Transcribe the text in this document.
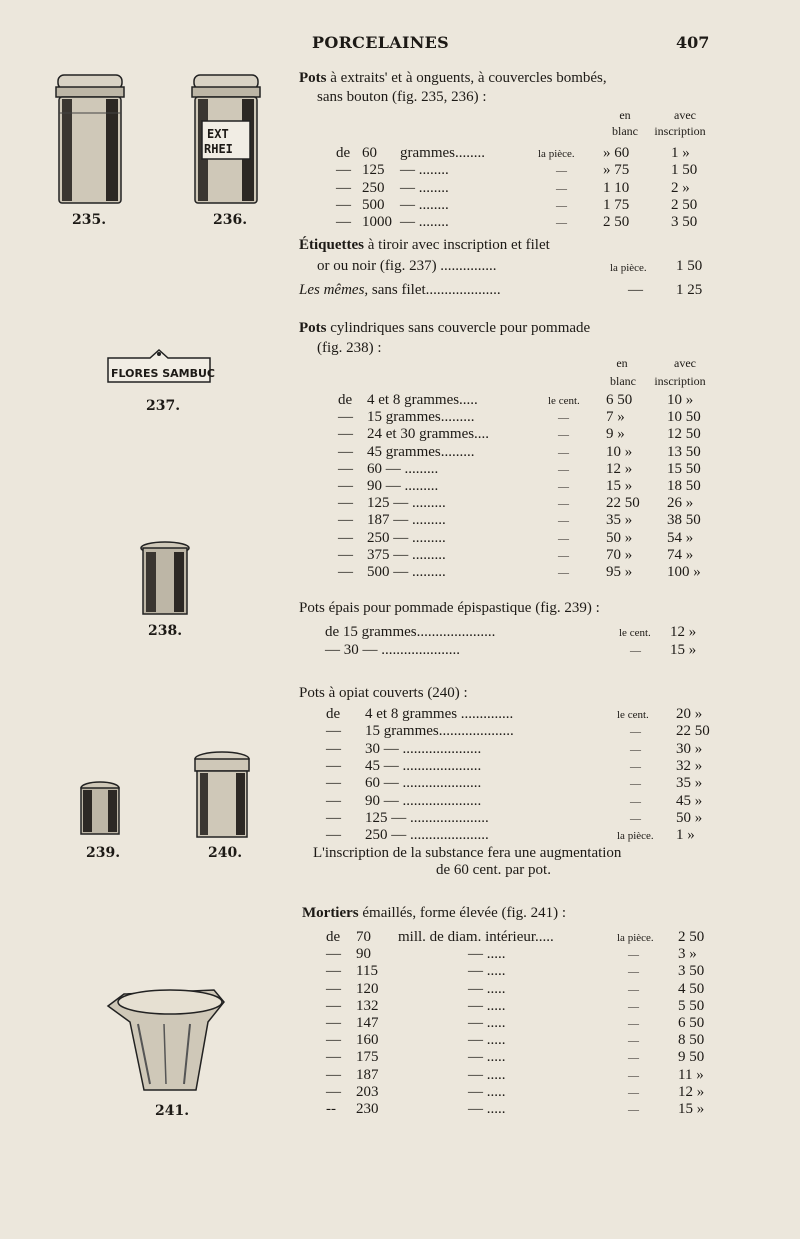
PORCELAINES	407
235.
EXT
RHEI
236.
FLORES SAMBUC
237.
238.
239.	240.
241.
Pots à extraits' et à onguents, à couvercles bombés,
sans bouton (fig. 235, 236) :
en
blanc
avec
inscription
Étiquettes à tiroir avec inscription et filet
or ou noir (fig. 237) ...............	la pièce. 1 50
Les mêmes, sans filet....................	— 1 25
Pots cylindriques sans couvercle pour pommade
(fig. 238) :
en
blanc
avec
inscription
Pots épais pour pommade épispastique (fig. 239) :
Pots à opiat couverts (240) :
L'inscription de la substance fera une augmentation
de 60 cent. par pot.
Mortiers émaillés, forme élevée (fig. 241) :
de 60 grammes........	la pièce. » 60	1 »
— 125 — ........	— » 75	1 50
— 250 — ........	— 1 10	2 »
— 500 — ........	— 1 75	2 50
— 1000 — ........	— 2 50	3 50
de 4 et 8 grammes.....	le cent. 6 50 10 »
— 15 grammes.........	— 7 »	10 50
— 24 et 30 grammes....	— 9 »	12 50
— 45 grammes.........	— 10 » 13 50
— 60 — .........	— 12 » 15 50
— 90 — .........	— 15 » 18 50
— 125 — .........	— 22 50 26 »
— 187 — .........	— 35 » 38 50
— 250 — .........	— 50 » 54 »
— 375 — .........	— 70 » 74 »
— 500 — .........	— 95 » 100 »
de 15 grammes.....................	le cent. 12 »
— 30 — .....................	— 15 »
de 4 et 8 grammes ..............	le cent. 20 »
— 15 grammes....................	— 22 50
— 30 — .....................	— 30 »
— 45 — .....................	— 32 »
— 60 — .....................	— 35 »
— 90 — .....................	— 45 »
— 125 — .....................	— 50 »
— 250 — .....................	la pièce. 1 »
de 70 mill. de diam. intérieur.....	la pièce. 2 50
— 90	— .....	—	3 »
— 115	— .....	—	3 50
— 120	— .....	—	4 50
— 132	— .....	—	5 50
— 147	— .....	—	6 50
— 160	— .....	—	8 50
— 175	— .....	—	9 50
— 187	— .....	—	11 »
— 203	— .....	—	12 »
-- 230	— .....	—	15 »
